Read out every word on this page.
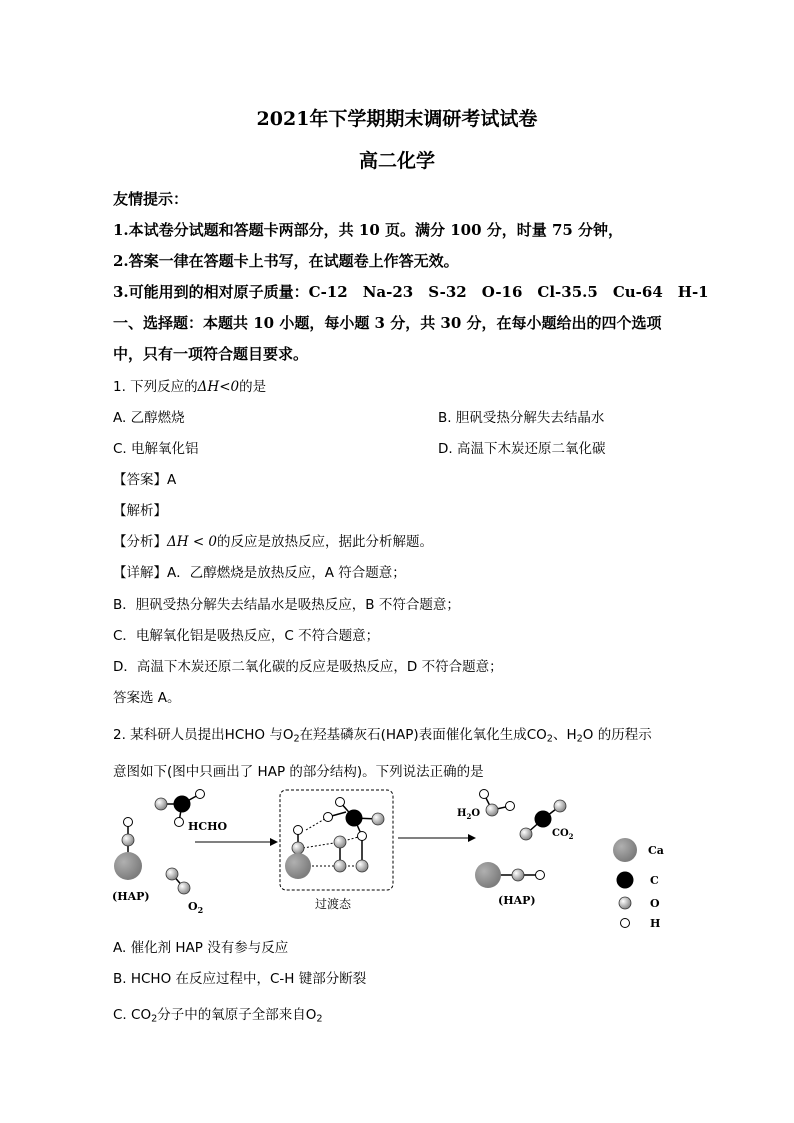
2021年下学期期末调研考试试卷
高二化学
友情提示：
1.本试卷分试题和答题卡两部分，共 10 页。满分 100 分，时量 75 分钟，
2.答案一律在答题卡上书写，在试题卷上作答无效。
3.可能用到的相对原子质量：C-12　Na-23　S-32　O-16　Cl-35.5　Cu-64　H-1
一、选择题：本题共 10 小题，每小题 3 分，共 30 分，在每小题给出的四个选项
中，只有一项符合题目要求。
1. 下列反应的ΔH<0的是
A. 乙醇燃烧	B. 胆矾受热分解失去结晶水
C. 电解氧化铝	D. 高温下木炭还原二氧化碳
【答案】A
【解析】
【分析】ΔH < 0的反应是放热反应，据此分析解题。
【详解】A．乙醇燃烧是放热反应，A 符合题意；
B．胆矾受热分解失去结晶水是吸热反应，B 不符合题意；
C．电解氧化铝是吸热反应，C 不符合题意；
D．高温下木炭还原二氧化碳的反应是吸热反应，D 不符合题意；
答案选 A。
2. 某科研人员提出HCHO 与$O_2$在羟基磷灰石(HAP)表面催化氧化生成$CO_2$、$H_2O$ 的历程示
意图如下(图中只画出了 HAP 的部分结构)。下列说法正确的是
HCHO
(HAP)
$O_2$	过渡态
$H_2O$
$CO_2$
(HAP)
Ca
C
O
H
A. 催化剂 HAP 没有参与反应
B. HCHO 在反应过程中，C-H 键部分断裂
C. $CO_2$分子中的氧原子全部来自$O_2$
